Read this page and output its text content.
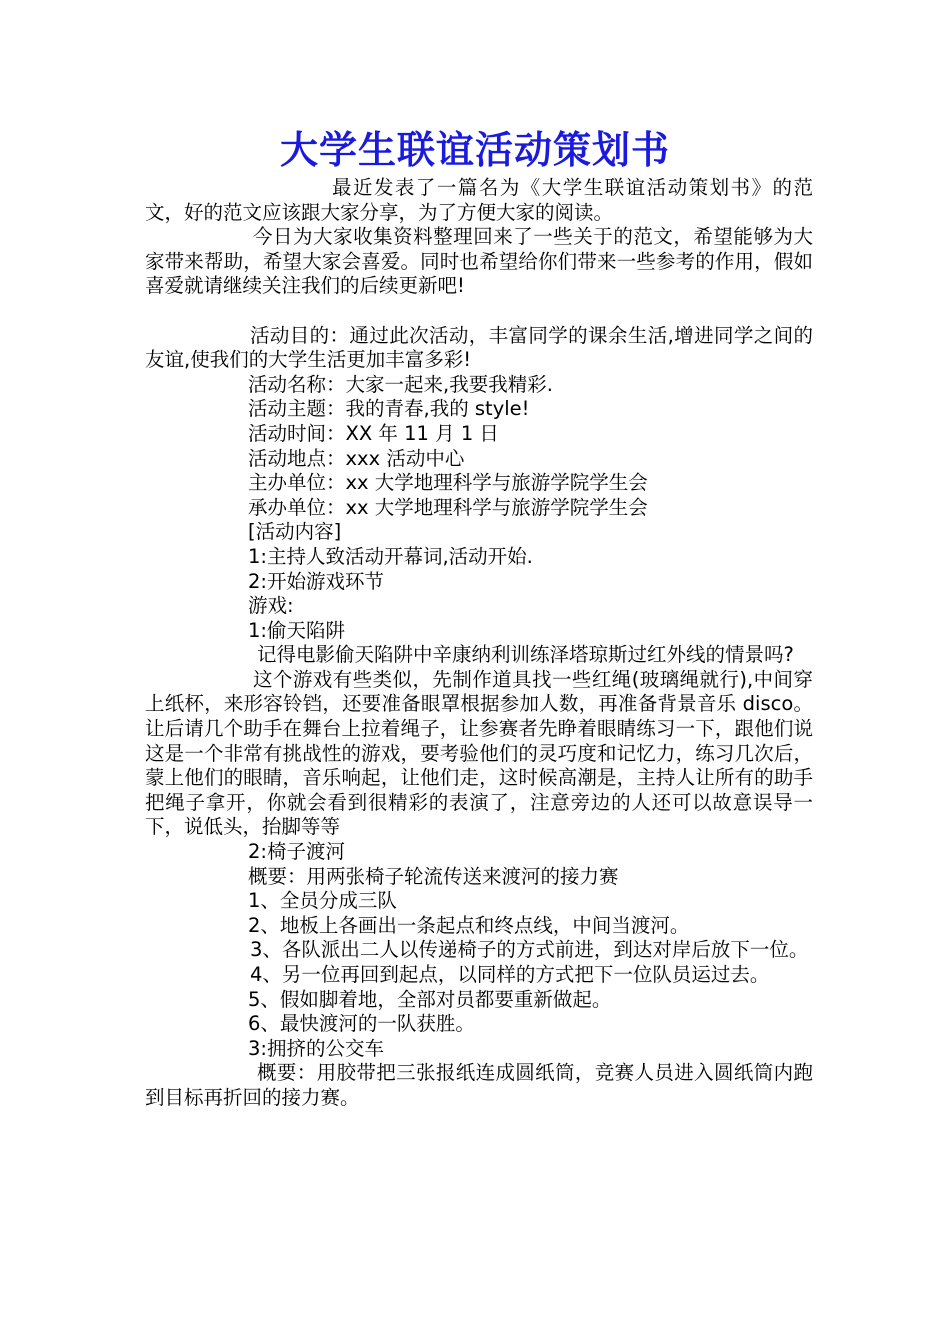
大学生联谊活动策划书

最近发表了一篇名为《大学生联谊活动策划书》的范文，好的范文应该跟大家分享，为了方便大家的阅读。

今日为大家收集资料整理回来了一些关于的范文，希望能够为大家带来帮助，希望大家会喜爱。同时也希望给你们带来一些参考的作用，假如喜爱就请继续关注我们的后续更新吧!

活动目的：通过此次活动，丰富同学的课余生活,增进同学之间的友谊,使我们的大学生活更加丰富多彩!

活动名称：大家一起来,我要我精彩.

活动主题：我的青春,我的 style!

活动时间：XX 年 11 月 1 日

活动地点：xxx 活动中心

主办单位：xx 大学地理科学与旅游学院学生会

承办单位：xx 大学地理科学与旅游学院学生会

[活动内容]

1:主持人致活动开幕词,活动开始.

2:开始游戏环节

游戏:

1:偷天陷阱

记得电影偷天陷阱中辛康纳利训练泽塔琼斯过红外线的情景吗?

这个游戏有些类似，先制作道具找一些红绳(玻璃绳就行),中间穿上纸杯，来形容铃铛，还要准备眼罩根据参加人数，再准备背景音乐 disco。让后请几个助手在舞台上拉着绳子，让参赛者先睁着眼睛练习一下，跟他们说这是一个非常有挑战性的游戏，要考验他们的灵巧度和记忆力，练习几次后，蒙上他们的眼睛，音乐响起，让他们走，这时候高潮是，主持人让所有的助手把绳子拿开，你就会看到很精彩的表演了，注意旁边的人还可以故意误导一下，说低头，抬脚等等

2:椅子渡河

概要：用两张椅子轮流传送来渡河的接力赛

1、全员分成三队

2、地板上各画出一条起点和终点线，中间当渡河。

3、各队派出二人以传递椅子的方式前进，到达对岸后放下一位。

4、另一位再回到起点，以同样的方式把下一位队员运过去。

5、假如脚着地，全部对员都要重新做起。

6、最快渡河的一队获胜。

3:拥挤的公交车

概要：用胶带把三张报纸连成圆纸筒，竞赛人员进入圆纸筒内跑到目标再折回的接力赛。
